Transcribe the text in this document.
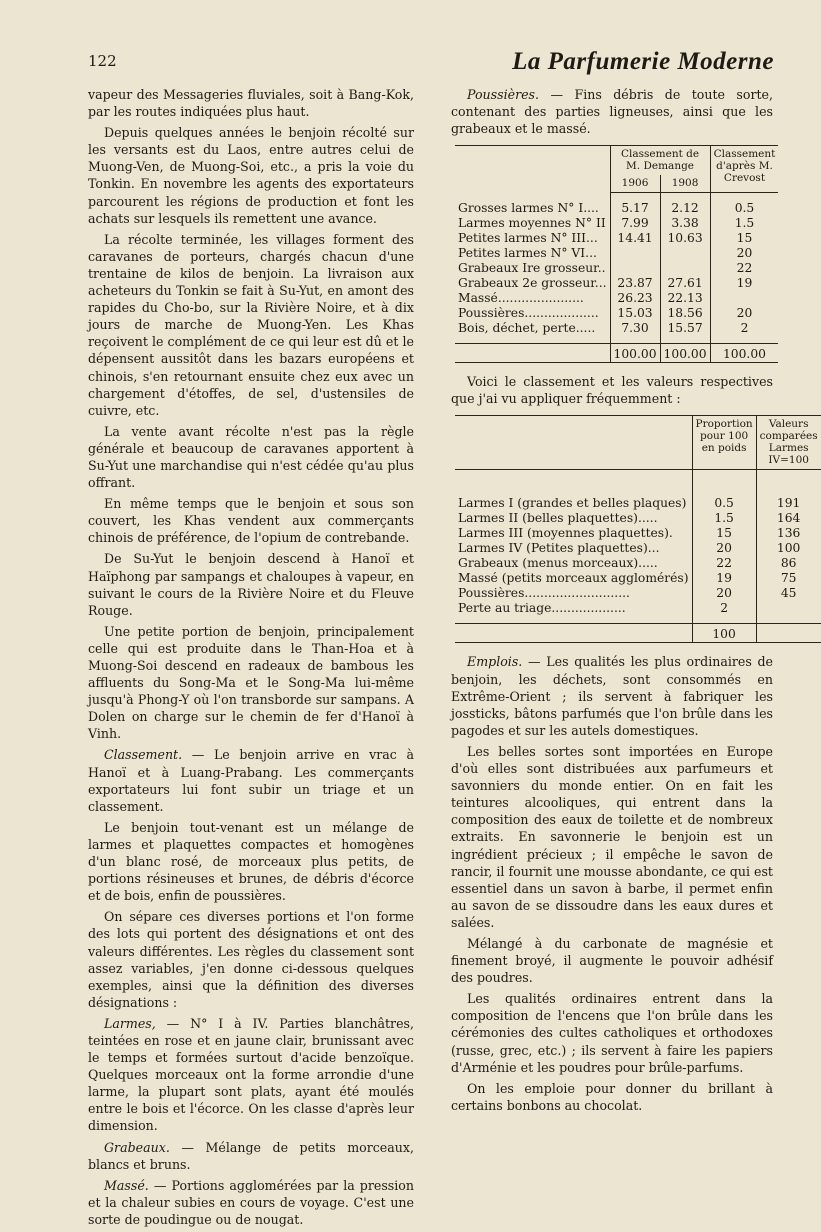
122	La Parfumerie Moderne

vapeur des Messageries fluviales, soit à Bang-Kok, par les routes indiquées plus haut.

Depuis quelques années le benjoin récolté sur les versants est du Laos, entre autres celui de Muong-Ven, de Muong-Soi, etc., a pris la voie du Tonkin. En novembre les agents des exportateurs parcourent les régions de production et font les achats sur lesquels ils remettent une avance.

La récolte terminée, les villages forment des caravanes de porteurs, chargés chacun d'une trentaine de kilos de benjoin. La livraison aux acheteurs du Tonkin se fait à Su-Yut, en amont des rapides du Cho-bo, sur la Rivière Noire, et à dix jours de marche de Muong-Yen. Les Khas reçoivent le complément de ce qui leur est dû et le dépensent aussitôt dans les bazars européens et chinois, s'en retournant ensuite chez eux avec un chargement d'étoffes, de sel, d'ustensiles de cuivre, etc.

La vente avant récolte n'est pas la règle générale et beaucoup de caravanes apportent à Su-Yut une marchandise qui n'est cédée qu'au plus offrant.

En même temps que le benjoin et sous son couvert, les Khas vendent aux commerçants chinois de préférence, de l'opium de contrebande.

De Su-Yut le benjoin descend à Hanoï et Haïphong par sampangs et chaloupes à vapeur, en suivant le cours de la Rivière Noire et du Fleuve Rouge.

Une petite portion de benjoin, principalement celle qui est produite dans le Than-Hoa et à Muong-Soi descend en radeaux de bambous les affluents du Song-Ma et le Song-Ma lui-même jusqu'à Phong-Y où l'on transborde sur sampans. A Dolen on charge sur le chemin de fer d'Hanoï à Vinh.

Classement. — Le benjoin arrive en vrac à Hanoï et à Luang-Prabang. Les commerçants exportateurs lui font subir un triage et un classement.

Le benjoin tout-venant est un mélange de larmes et plaquettes compactes et homogènes d'un blanc rosé, de morceaux plus petits, de portions résineuses et brunes, de débris d'écorce et de bois, enfin de poussières.

On sépare ces diverses portions et l'on forme des lots qui portent des désignations et ont des valeurs différentes. Les règles du classement sont assez variables, j'en donne ci-dessous quelques exemples, ainsi que la définition des diverses désignations :

Larmes, — N° I à IV. Parties blanchâtres, teintées en rose et en jaune clair, brunissant avec le temps et formées surtout d'acide benzoïque. Quelques morceaux ont la forme arrondie d'une larme, la plupart sont plats, ayant été moulés entre le bois et l'écorce. On les classe d'après leur dimension.

Grabeaux. — Mélange de petits morceaux, blancs et bruns.

Massé. — Portions agglomérées par la pression et la chaleur subies en cours de voyage. C'est une sorte de poudingue ou de nougat.

Poussières. — Fins débris de toute sorte, contenant des parties ligneuses, ainsi que les grabeaux et le massé.

	Classement de M. Demange		Classement d'après M. Crevost
	1906	1908	

Grosses larmes N° I....	5.17	2.12	0.5
Larmes moyennes N° II	7.99	3.38	1.5
Petites larmes N° III...	14.41	10.63	15
Petites larmes N° VI...			20
Grabeaux Ire grosseur..			22
Grabeaux 2e grosseur...	23.87	27.61	19
Massé......................	26.23	22.13	
Poussières...................	15.03	18.56	20
Bois, déchet, perte.....	7.30	15.57	2

	100.00	100.00	100.00

Voici le classement et les valeurs respectives que j'ai vu appliquer fréquemment :

	Proportion pour 100 en poids	Valeurs comparées Larmes IV=100

Larmes I (grandes et belles plaques)	0.5	191
Larmes II (belles plaquettes).....	1.5	164
Larmes III (moyennes plaquettes).	15	136
Larmes IV (Petites plaquettes)...	20	100
Grabeaux (menus morceaux).....	22	86
Massé (petits morceaux agglomérés)	19	75
Poussières...........................	20	45
Perte au triage...................	2	

	100	

Emplois. — Les qualités les plus ordinaires de benjoin, les déchets, sont consommés en Extrême-Orient ; ils servent à fabriquer les jossticks, bâtons parfumés que l'on brûle dans les pagodes et sur les autels domestiques.

Les belles sortes sont importées en Europe d'où elles sont distribuées aux parfumeurs et savonniers du monde entier. On en fait les teintures alcooliques, qui entrent dans la composition des eaux de toilette et de nombreux extraits. En savonnerie le benjoin est un ingrédient précieux ; il empêche le savon de rancir, il fournit une mousse abondante, ce qui est essentiel dans un savon à barbe, il permet enfin au savon de se dissoudre dans les eaux dures et salées.

Mélangé à du carbonate de magnésie et finement broyé, il augmente le pouvoir adhésif des poudres.

Les qualités ordinaires entrent dans la composition de l'encens que l'on brûle dans les cérémonies des cultes catholiques et orthodoxes (russe, grec, etc.) ; ils servent à faire les papiers d'Arménie et les poudres pour brûle-parfums.

On les emploie pour donner du brillant à certains bonbons au chocolat.
